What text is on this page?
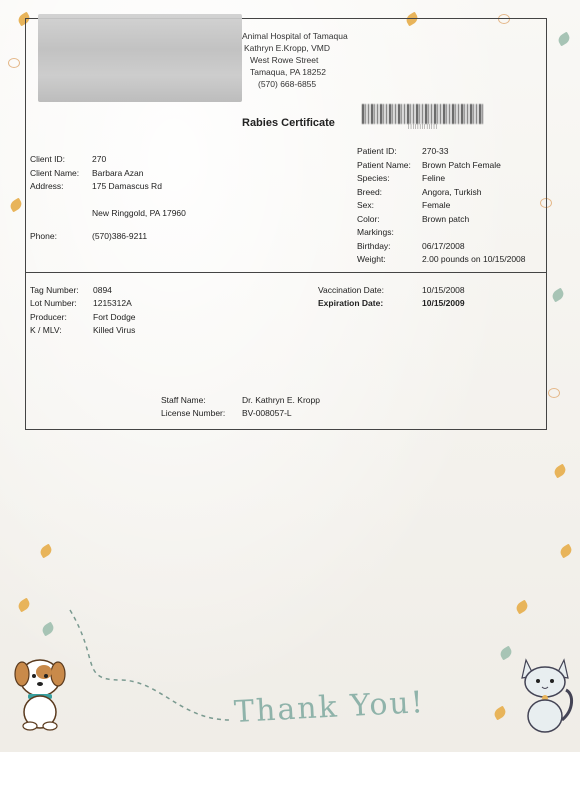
Thank You!
Animal Hospital of Tamaqua
Kathryn E.Kropp, VMD
West Rowe Street
Tamaqua, PA 18252
(570) 668-6855
|||||||||||||
Rabies Certificate
Client ID:	270
Client Name: Barbara Azan
Address:	175 Damascus Rd
New Ringgold, PA 17960
Phone:	(570)386-9211
Patient ID:	270-33
Patient Name: Brown Patch Female
Species:	Feline
Breed:	Angora, Turkish
Sex:	Female
Color:	Brown patch
Markings:
Birthday:	06/17/2008
Weight:	2.00 pounds on 10/15/2008
Tag Number: 0894
Lot Number: 1215312A
Producer:	Fort Dodge
K / MLV:	Killed Virus
Vaccination Date:	10/15/2008
Expiration Date:	10/15/2009
Staff Name:	Dr. Kathryn E. Kropp
License Number: BV-008057-L
